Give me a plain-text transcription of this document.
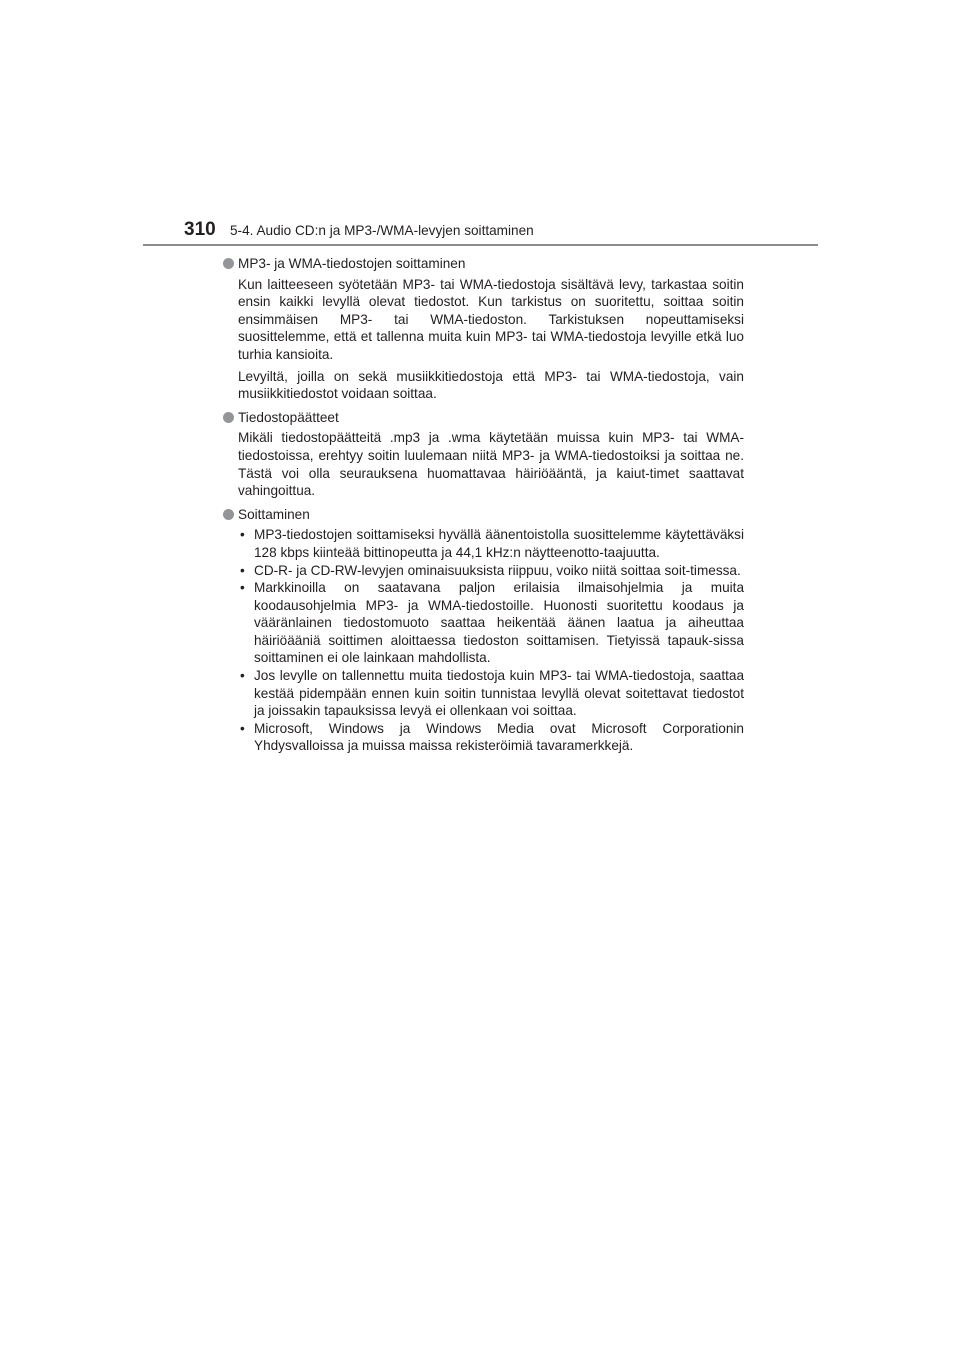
310 5-4. Audio CD:n ja MP3-/WMA-levyjen soittaminen
MP3- ja WMA-tiedostojen soittaminen

Kun laitteeseen syötetään MP3- tai WMA-tiedostoja sisältävä levy, tarkastaa soitin ensin kaikki levyllä olevat tiedostot. Kun tarkistus on suoritettu, soittaa soitin ensimmäisen MP3- tai WMA-tiedoston. Tarkistuksen nopeuttamiseksi suosittelemme, että et tallenna muita kuin MP3- tai WMA-tiedostoja levyille etkä luo turhia kansioita.

Levyiltä, joilla on sekä musiikkitiedostoja että MP3- tai WMA-tiedostoja, vain musiikkitiedostot voidaan soittaa.

Tiedostopäätteet

Mikäli tiedostopäätteitä .mp3 ja .wma käytetään muissa kuin MP3- tai WMA-tiedostoissa, erehtyy soitin luulemaan niitä MP3- ja WMA-tiedostoiksi ja soittaa ne. Tästä voi olla seurauksena huomattavaa häiriöääntä, ja kaiut-timet saattavat vahingoittua.

Soittaminen
• MP3-tiedostojen soittamiseksi hyvällä äänentoistolla suosittelemme käytettäväksi 128 kbps kiinteää bittinopeutta ja 44,1 kHz:n näytteenotto-taajuutta.
• CD-R- ja CD-RW-levyjen ominaisuuksista riippuu, voiko niitä soittaa soit-timessa.
• Markkinoilla on saatavana paljon erilaisia ilmaisohjelmia ja muita koodausohjelmia MP3- ja WMA-tiedostoille. Huonosti suoritettu koodaus ja vääränlainen tiedostomuoto saattaa heikentää äänen laatua ja aiheuttaa häiriöääniä soittimen aloittaessa tiedoston soittamisen. Tietyissä tapauk-sissa soittaminen ei ole lainkaan mahdollista.
• Jos levylle on tallennettu muita tiedostoja kuin MP3- tai WMA-tiedostoja, saattaa kestää pidempään ennen kuin soitin tunnistaa levyllä olevat soitettavat tiedostot ja joissakin tapauksissa levyä ei ollenkaan voi soittaa.
• Microsoft, Windows ja Windows Media ovat Microsoft Corporationin Yhdysvalloissa ja muissa maissa rekisteröimiä tavaramerkkejä.
